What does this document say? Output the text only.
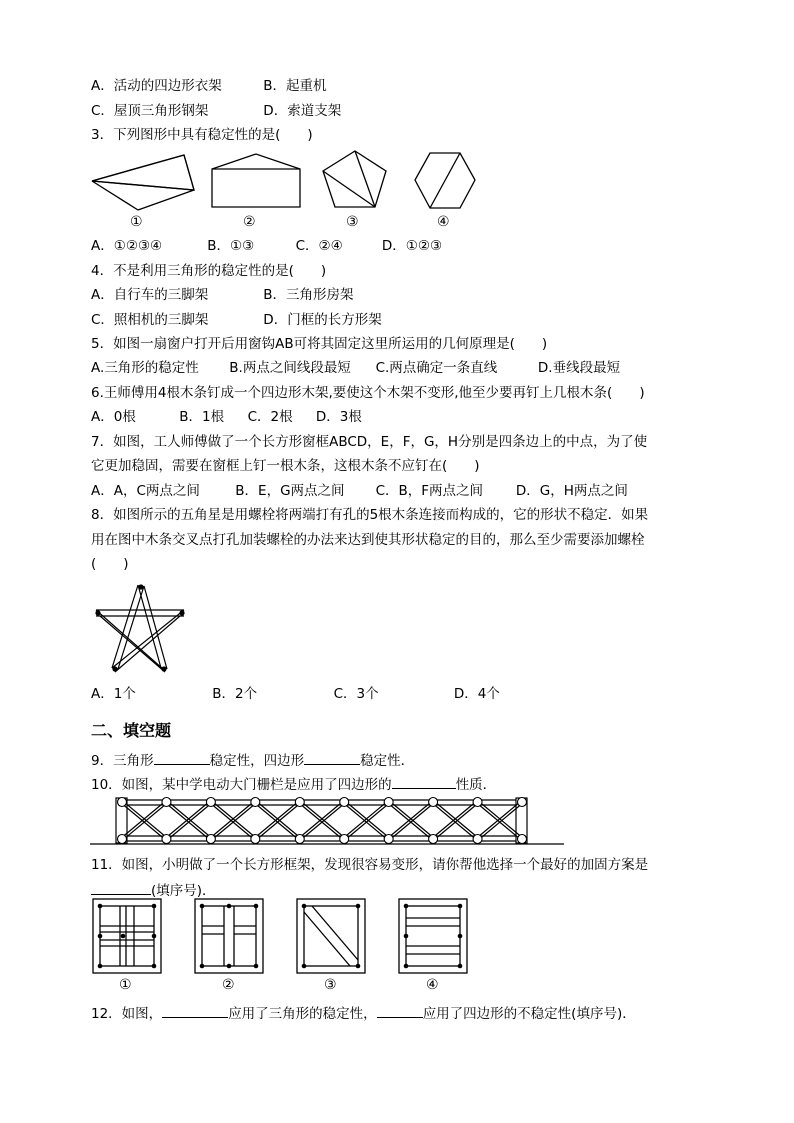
A．活动的四边形衣架	B．起重机
C．屋顶三角形钢架	D．索道支架
3．下列图形中具有稳定性的是(　　)
①	②	③	④
A．①②③④	B．①③	C．②④	D．①②③
4．不是利用三角形的稳定性的是(　　)
A．自行车的三脚架	B．三角形房架
C．照相机的三脚架	D．门框的长方形架
5．如图一扇窗户打开后用窗钩AB可将其固定这里所运用的几何原理是(　　)
A.三角形的稳定性 B.两点之间线段最短 C.两点确定一条直线	D.垂线段最短
6.王师傅用4根木条钉成一个四边形木架,要使这个木架不变形,他至少要再钉上几根木条(　　)
A．0根	B．1根 C．2根 D．3根
7．如图，工人师傅做了一个长方形窗框ABCD，E，F，G，H分别是四条边上的中点，为了使
它更加稳固，需要在窗框上钉一根木条，这根木条不应钉在(　　)
A．A，C两点之间	B．E，G两点之间 C．B，F两点之间 D．G，H两点之间
8．如图所示的五角星是用螺栓将两端打有孔的5根木条连接而构成的，它的形状不稳定．如果
用在图中木条交叉点打孔加装螺栓的办法来达到使其形状稳定的目的，那么至少需要添加螺栓
(　　)
A．1个	B．2个	C．3个	D．4个
二、填空题
9．三角形	稳定性，四边形	稳定性．
10．如图，某中学电动大门栅栏是应用了四边形的	性质．
11．如图，小明做了一个长方形框架，发现很容易变形，请你帮他选择一个最好的加固方案是
(填序号)．
①	②	③	④
12．如图，	应用了三角形的稳定性，	应用了四边形的不稳定性(填序号)．
